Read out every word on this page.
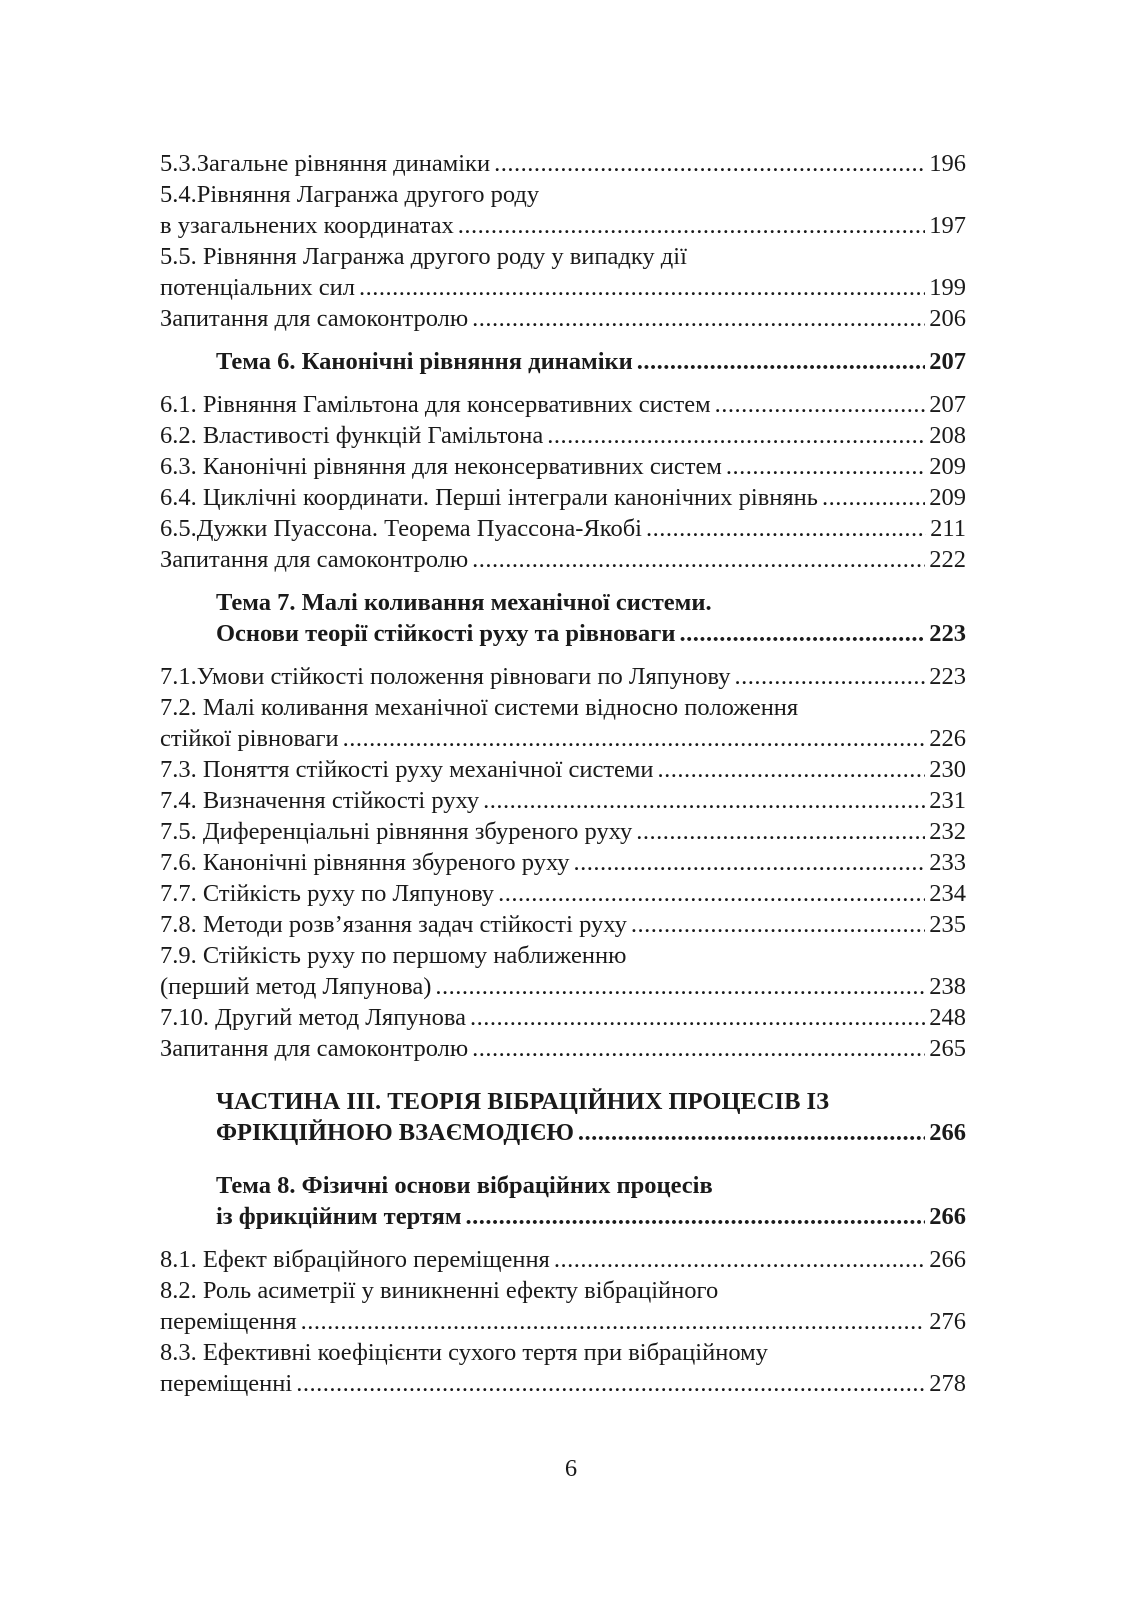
5.3.Загальне рівняння динаміки .....	196
5.4.Рівняння Лагранжа другого роду
в узагальнених координатах .....	197
5.5. Рівняння Лагранжа другого роду у випадку дії
потенціальних сил .....	199
Запитання для самоконтролю .....	206
Тема 6. Канонічні рівняння динаміки .....	207
6.1. Рівняння Гамільтона для консервативних систем .....	207
6.2. Властивості функцій Гамільтона .....	208
6.3. Канонічні рівняння для неконсервативних систем .....	209
6.4. Циклічні координати. Перші інтеграли канонічних рівнянь .....	209
6.5.Дужки Пуассона. Теорема Пуассона-Якобі .....	211
Запитання для самоконтролю .....	222
Тема 7. Малі коливання механічної системи.
Основи теорії стійкості руху та рівноваги .....	223
7.1.Умови стійкості положення рівноваги по Ляпунову .....	223
7.2. Малі коливання механічної системи відносно положення
стійкої рівноваги .....	226
7.3. Поняття стійкості руху механічної системи .....	230
7.4. Визначення стійкості руху .....	231
7.5. Диференціальні рівняння збуреного руху .....	232
7.6. Канонічні рівняння збуреного руху .....	233
7.7. Стійкість руху по Ляпунову .....	234
7.8. Методи розв’язання задач стійкості руху .....	235
7.9. Стійкість руху по першому наближенню
(перший метод Ляпунова) .....	238
7.10. Другий метод Ляпунова .....	248
Запитання для самоконтролю .....	265
ЧАСТИНА ІІІ. ТЕОРІЯ ВІБРАЦІЙНИХ ПРОЦЕСІВ ІЗ
ФРІКЦІЙНОЮ ВЗАЄМОДІЄЮ .....	266
Тема 8. Фізичні основи вібраційних процесів
із фрикційним тертям .....	266
8.1. Ефект вібраційного переміщення .....	266
8.2. Роль асиметрії у виникненні ефекту вібраційного
переміщення .....	276
8.3. Ефективні коефіцієнти сухого тертя при вібраційному
переміщенні .....	278
6
